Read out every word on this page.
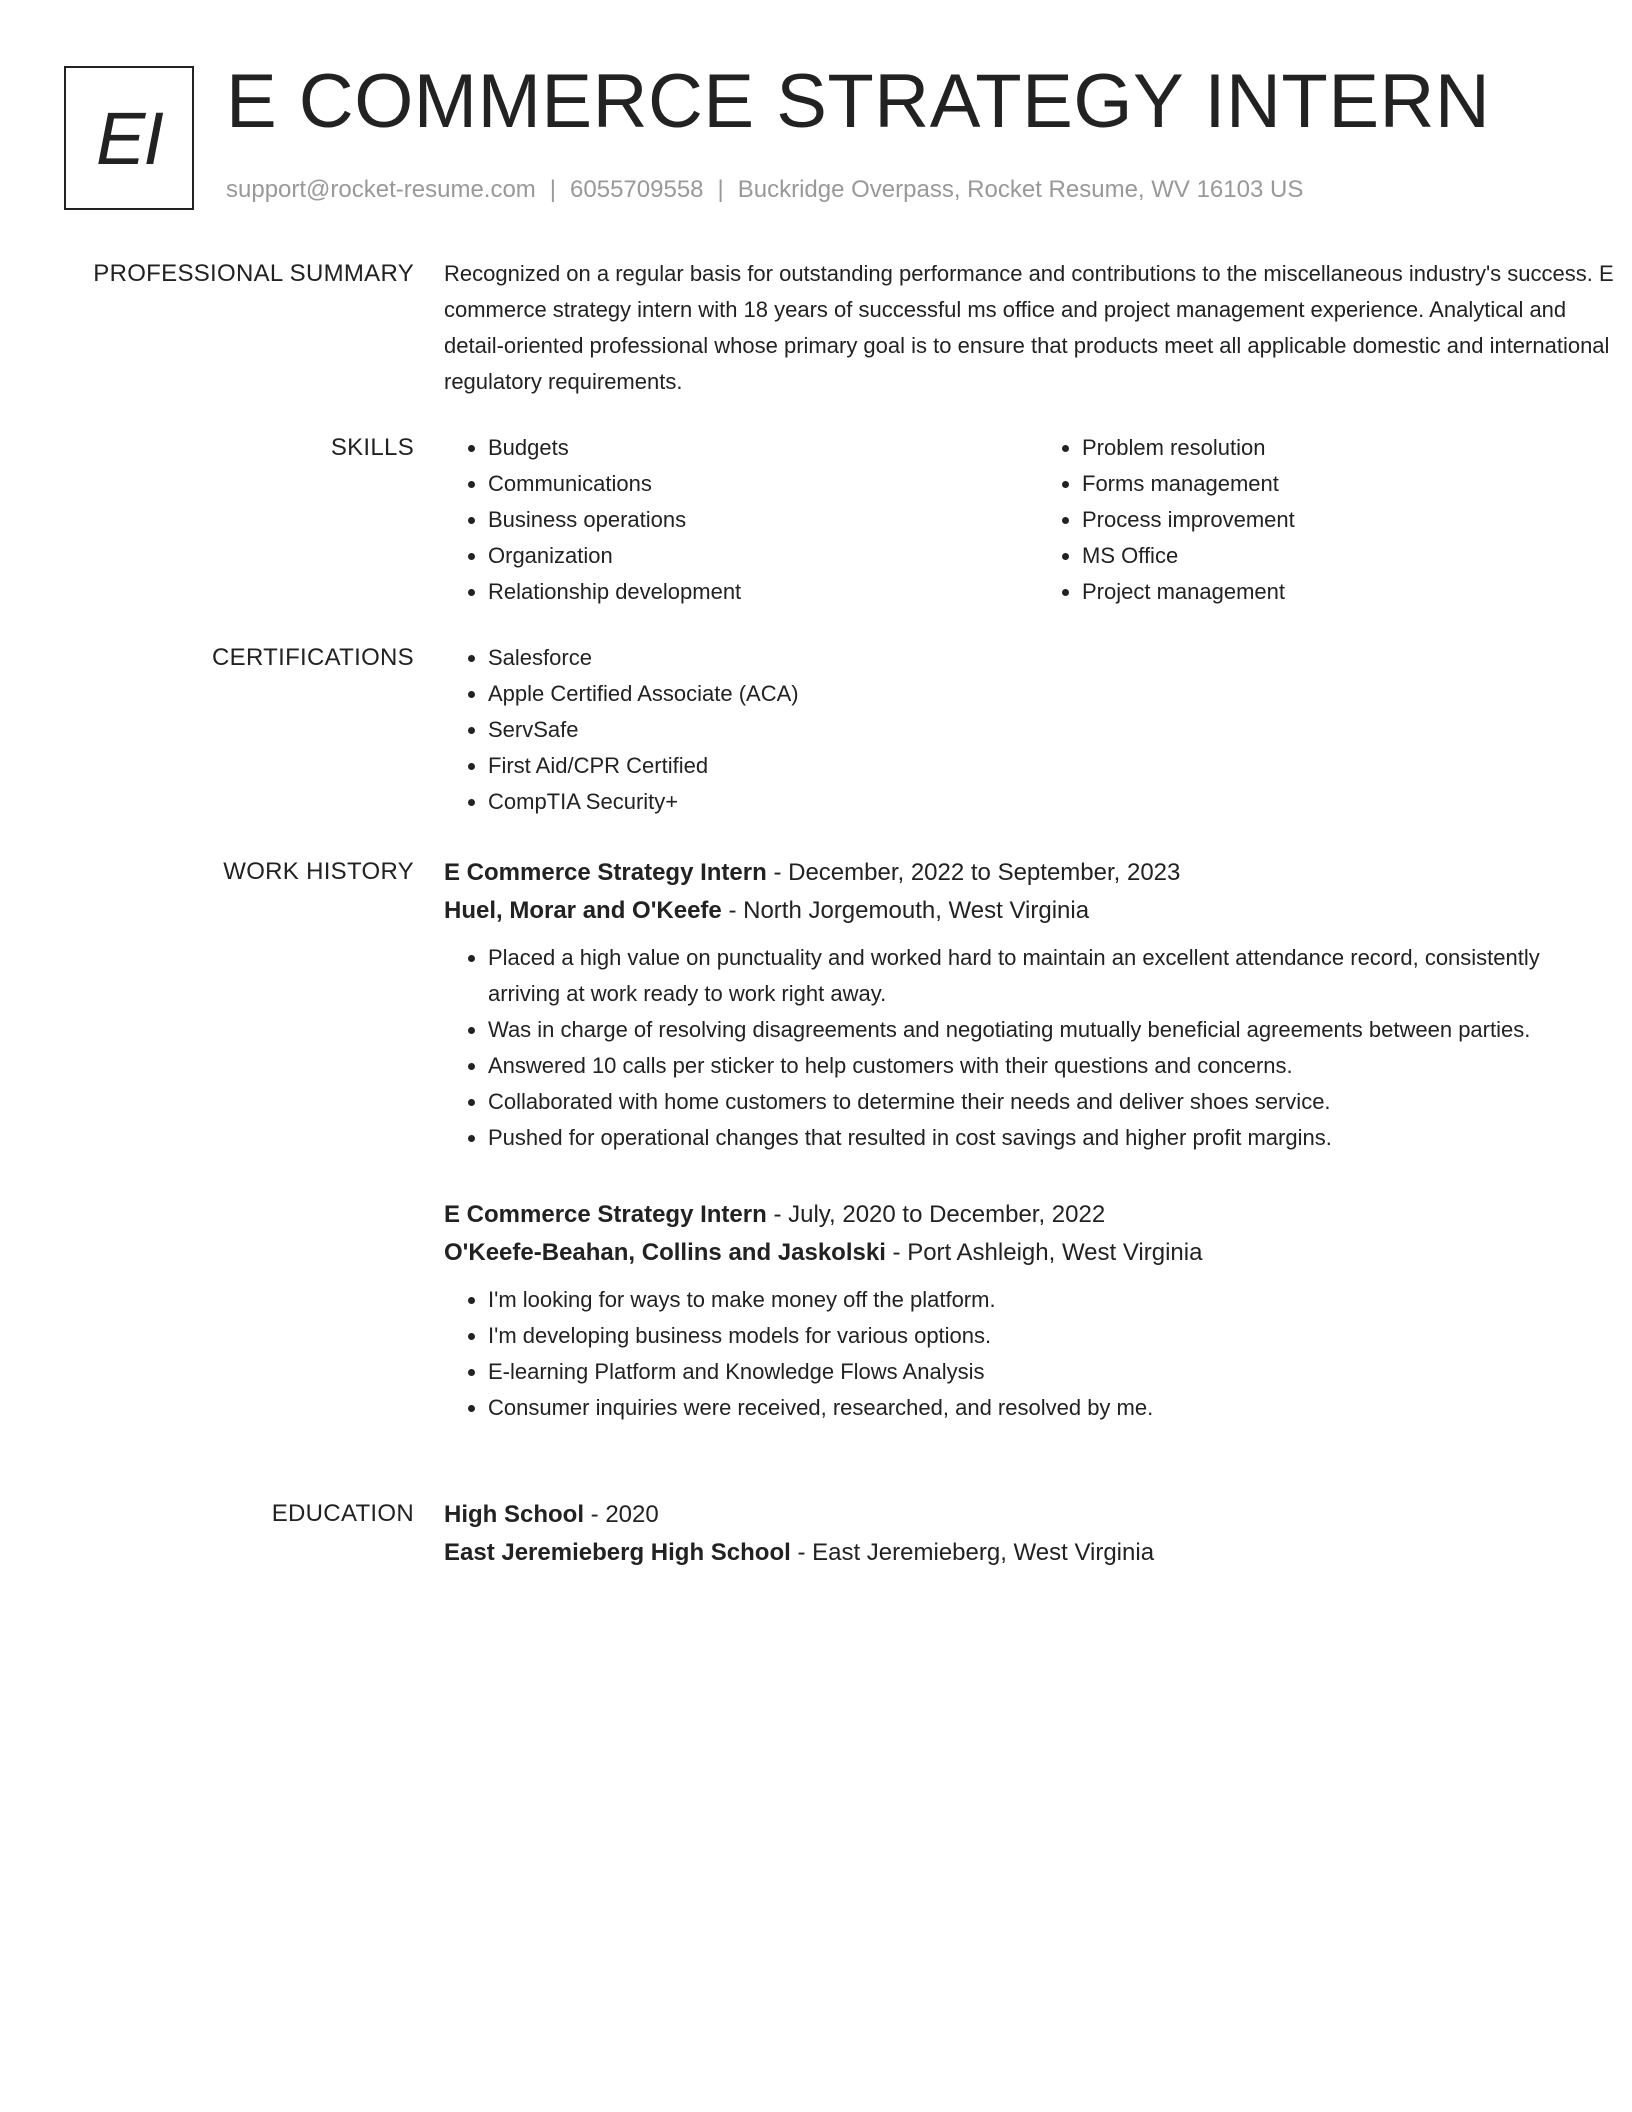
EI E COMMERCE STRATEGY INTERN
support@rocket-resume.com | 6055709558 | Buckridge Overpass, Rocket Resume, WV 16103 US
PROFESSIONAL SUMMARY Recognized on a regular basis for outstanding performance and contributions to the miscellaneous industry's success. E commerce strategy intern with 18 years of successful ms office and project management experience. Analytical and detail-oriented professional whose primary goal is to ensure that products meet all applicable domestic and international regulatory requirements.
SKILLS	• Budgets
• Communications
• Business operations
• Organization
• Relationship development
• Problem resolution
• Forms management
• Process improvement
• MS Office
• Project management
CERTIFICATIONS	• Salesforce
• Apple Certified Associate (ACA)
• ServSafe
• First Aid/CPR Certified
• CompTIA Security+
WORK HISTORY E Commerce Strategy Intern - December, 2022 to September, 2023
Huel, Morar and O'Keefe - North Jorgemouth, West Virginia
• Placed a high value on punctuality and worked hard to maintain an excellent attendance record, consistently arriving at work ready to work right away.
• Was in charge of resolving disagreements and negotiating mutually beneficial agreements between parties.
• Answered 10 calls per sticker to help customers with their questions and concerns.
• Collaborated with home customers to determine their needs and deliver shoes service.
• Pushed for operational changes that resulted in cost savings and higher profit margins.
E Commerce Strategy Intern - July, 2020 to December, 2022
O'Keefe-Beahan, Collins and Jaskolski - Port Ashleigh, West Virginia
• I'm looking for ways to make money off the platform.
• I'm developing business models for various options.
• E-learning Platform and Knowledge Flows Analysis
• Consumer inquiries were received, researched, and resolved by me.
EDUCATION High School - 2020
East Jeremieberg High School - East Jeremieberg, West Virginia
